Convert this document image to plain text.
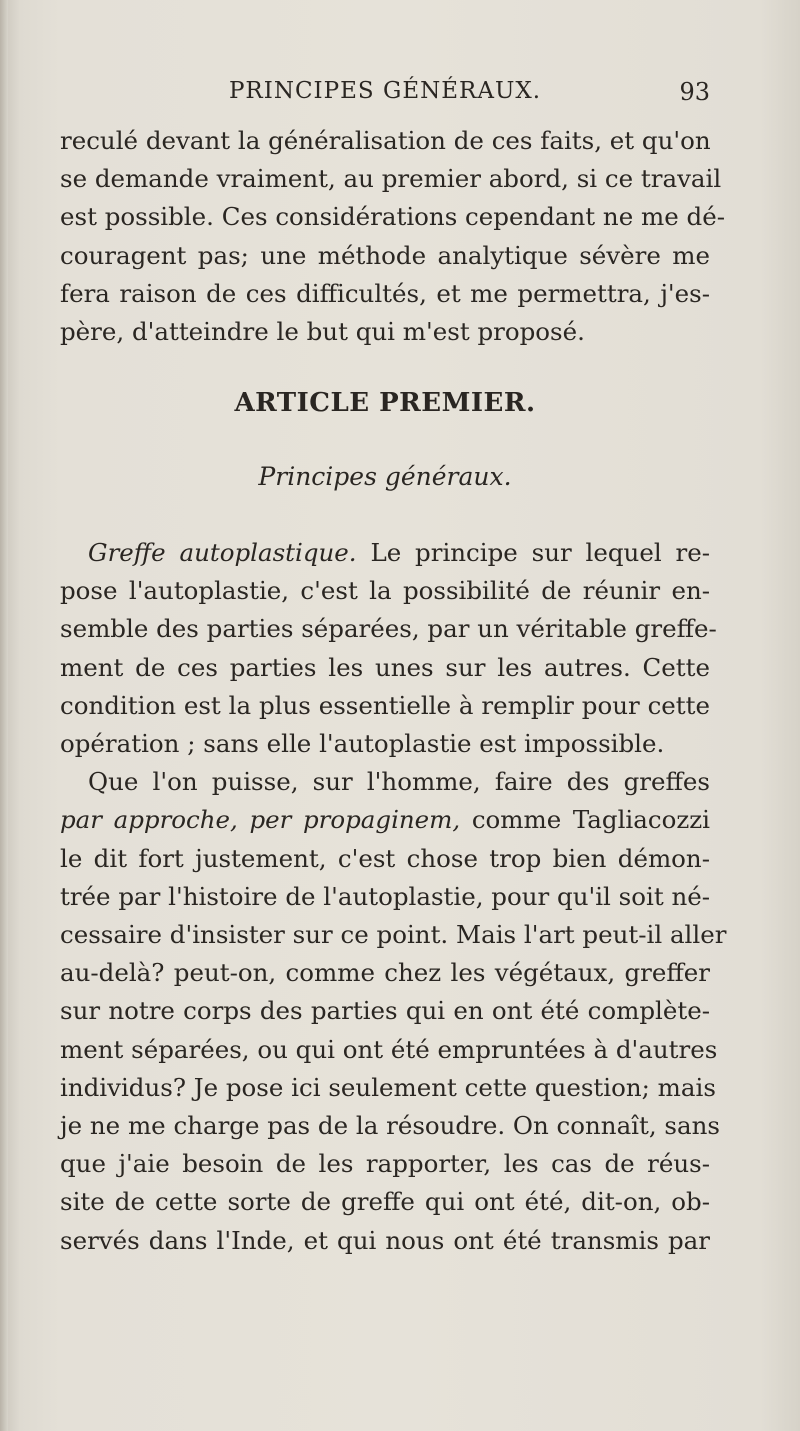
PRINCIPES GÉNÉRAUX.	93
reculé devant la généralisation de ces faits, et qu'on
se demande vraiment, au premier abord, si ce travail
est possible. Ces considérations cependant ne me dé-
couragent pas; une méthode analytique sévère me
fera raison de ces difficultés, et me permettra, j'es-
père, d'atteindre le but qui m'est proposé.
ARTICLE PREMIER.
Principes généraux.
Greffe autoplastique. Le principe sur lequel re-
pose l'autoplastie, c'est la possibilité de réunir en-
semble des parties séparées, par un véritable greffe-
ment de ces parties les unes sur les autres. Cette
condition est la plus essentielle à remplir pour cette
opération ; sans elle l'autoplastie est impossible.
Que l'on puisse, sur l'homme, faire des greffes
par approche, per propaginem, comme Tagliacozzi
le dit fort justement, c'est chose trop bien démon-
trée par l'histoire de l'autoplastie, pour qu'il soit né-
cessaire d'insister sur ce point. Mais l'art peut-il aller
au-delà? peut-on, comme chez les végétaux, greffer
sur notre corps des parties qui en ont été complète-
ment séparées, ou qui ont été empruntées à d'autres
individus? Je pose ici seulement cette question; mais
je ne me charge pas de la résoudre. On connaît, sans
que j'aie besoin de les rapporter, les cas de réus-
site de cette sorte de greffe qui ont été, dit-on, ob-
servés dans l'Inde, et qui nous ont été transmis par
